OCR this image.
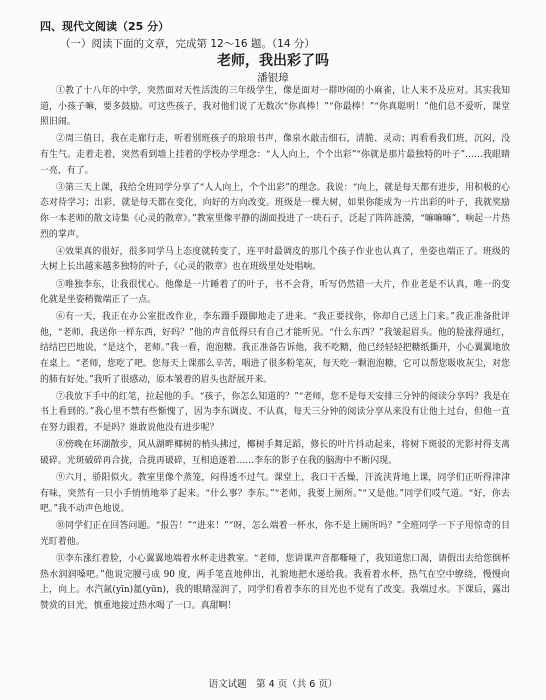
四、现代文阅读（25 分）
（一）阅读下面的文章，完成第 12～16 题。（14 分）
老师，我出彩了吗
潘银璋

①教了十八年的中学，突然面对天性活泼的三年级学生，像是面对一群吵闹的小麻雀，让人来不及应对。其实我知道，小孩子嘛，要多鼓励。可这些孩子，我对他们说了无数次“你真棒！”“你最棒！”“你真聪明！”他们总不爱听，课堂照旧闹。

②周三值日，我在走廊行走，听着别班孩子的琅琅书声，像泉水敲击细石，清脆、灵动；再看看我们班，沉闷，没有生气。走着走着，突然看到墙上挂着的学校办学理念：“人人向上，个个出彩”“你就是那片最独特的叶子”……我眼睛一亮，有了。

③第三天上课，我给全班同学分享了“人人向上，个个出彩”的理念。我说：“向上，就是每天都有进步，用积极的心态对待学习；出彩，就是每天都在变化，向好的方向改变。班级是一棵大树，如果你能成为一片出彩的叶子，我就奖励你一本老师的散文诗集《心灵的散章》。”教室里像平静的湖面投进了一块石子，泛起了阵阵涟漪，“嘛嘛嘛”，响起一片热烈的掌声。

④效果真的很好，很多同学马上态度就转变了，连平时最调皮的那几个孩子作业也认真了，坐姿也端正了。班级的大树上长出越来越多独特的叶子，《心灵的散章》也在班级里处处唱响。

⑤唯独李东，让我很忧心。他像是一片睡着了的叶子，书不会背，听写仍然错一大片，作业老是不认真，唯一的变化就是坐姿稍微端正了一点。

⑥有一天，我正在办公室批改作业，李东蹑手蹑脚地走了进来。“我正要找你，你却自己送上门来。”我正准备批评他，“老师，我送你一样东西，好吗？”他的声音低得只有自己才能听见。“什么东西？”我皱起眉头。他的脸涨得通红，结结巴巴地说，“是这个，老师。”我一看，泡泡糖。我正准备告诉他，我不吃糖，他已经轻轻把糖纸撕开，小心翼翼地放在桌上。“老师，您吃了吧。您每天上课那么辛苦，咽进了很多粉笔灰，每天吃一颗泡泡糖，它可以帮您吸收灰尘，对您的肺有好处。”我听了很感动，原本皱着的眉头也舒展开来。

⑦我放下手中的红笔，拉起他的手。“孩子，你怎么知道的？”“老师，您不是每天安排三分钟的阅读分享吗？我是在书上看到的。”我心里不禁有些惭愧了，因为李东调皮、不认真，每天三分钟的阅读分享从来没有让他上过台，但他一直在努力跟着，不是吗？谁敢说他没有进步呢？

⑧傍晚在环湖散步，风从湖畔椰树的梢头拂过，椰树手舞足蹈，修长的叶片抖动起来，将树下斑驳的光影衬得支离破碎。光斑破碎再合拢，合拢再破碎，互相追逐着……李东的影子在我的脑海中不断闪现。

⑨六月，骄阳似火。教室里像个蒸笼，闷得透不过气。课堂上，我口干舌燥，汗流浃背地上课，同学们正听得津津有味，突然有一只小手悄悄地举了起来。“什么事？李东。”“老师，我要上厕所。”“又是他。”同学们哎气道。“好，你去吧。”我不动声色地说。

⑩同学们正在回答问题。“报告！”“进来！”“呀，怎么端着一杯水，你不是上厕所吗？”全班同学一下子用惊奇的目光盯着他。

⑪李东涨红着脸，小心翼翼地端着水杯走进教室。“老师，您讲课声音都嘶哑了，我知道您口渴，请假出去给您倒杯热水润润嗓吧。”他说完腰弓成 90 度，两手笔直地伸出，礼貌地把水递给我。我看着水杯，热气在空中缭绕，慢慢向上，向上。水汽氤(yīn)氲(yūn)，我的眼睛湿润了，同学们看着李东的目光也不觉有了改变。我端过水。下课后，露出赞赏的目光，慎重地接过热水喝了一口。真甜啊！

语文试题　第 4 页（共 6 页）
